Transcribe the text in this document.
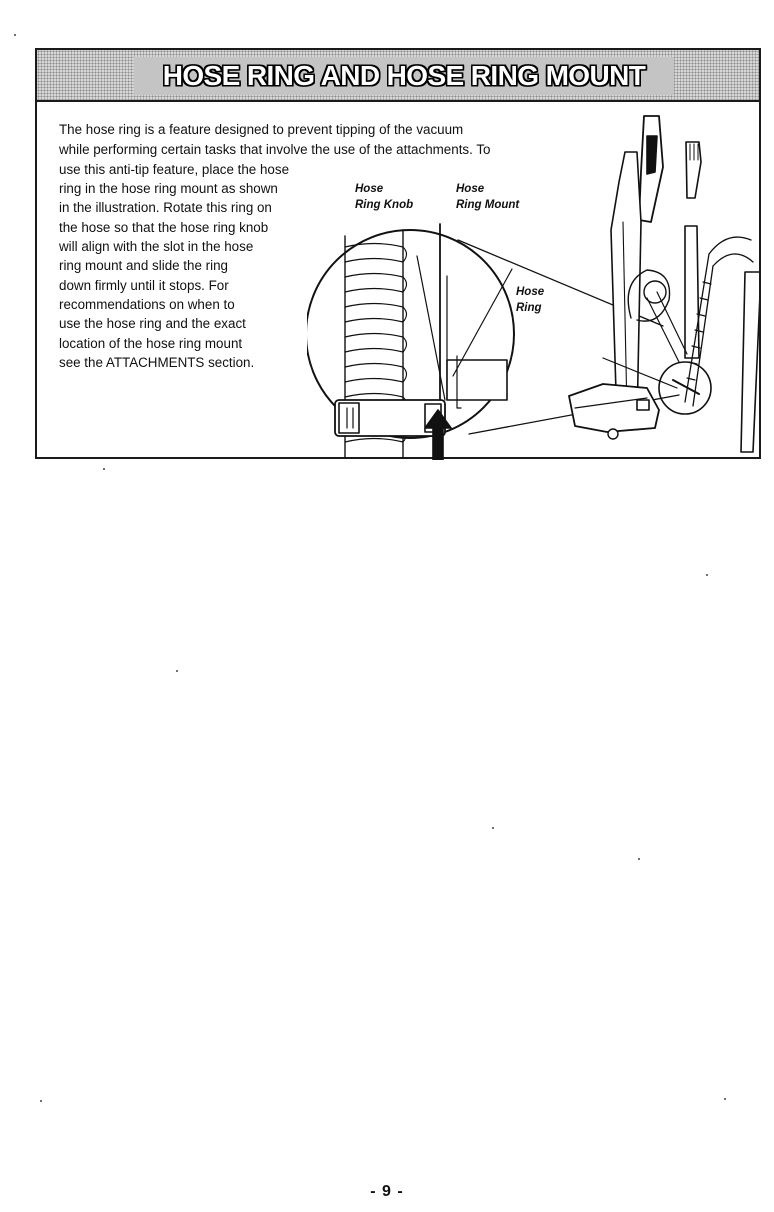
HOSE RING AND HOSE RING MOUNT
The hose ring is a feature designed to prevent tipping of the vacuum
while performing certain tasks that involve the use of the attachments. To
use this anti-tip feature, place the hose
ring in the hose ring mount as shown
in the illustration. Rotate this ring on
the hose so that the hose ring knob
will align with the slot in the hose
ring mount and slide the ring
down firmly until it stops. For
recommendations on when to
use the hose ring and the exact
location of the hose ring mount
see the ATTACHMENTS section.
Hose
Ring Knob
Hose
Ring Mount
Hose
Ring
- 9 -
